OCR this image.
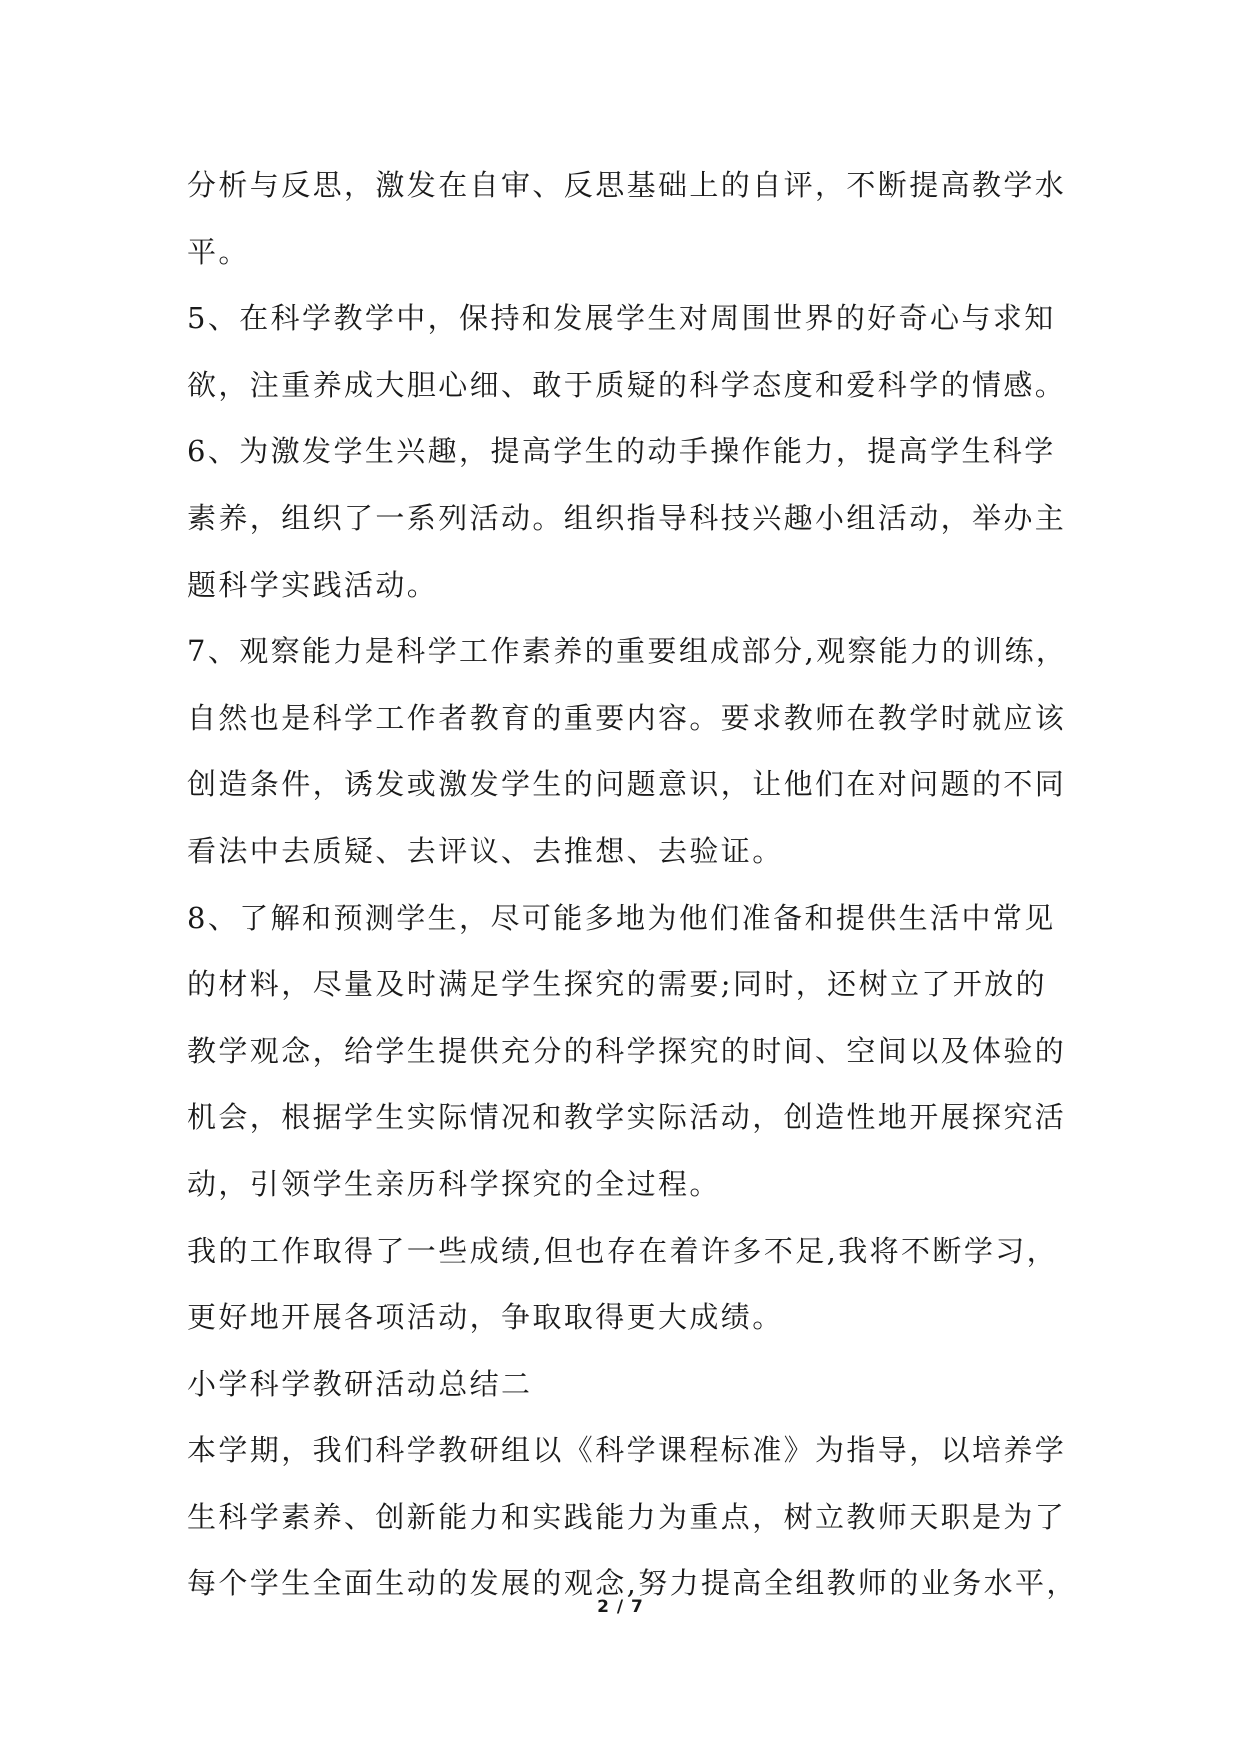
分析与反思，激发在自审、反思基础上的自评，不断提高教学水
平。
5、在科学教学中，保持和发展学生对周围世界的好奇心与求知
欲，注重养成大胆心细、敢于质疑的科学态度和爱科学的情感。
6、为激发学生兴趣，提高学生的动手操作能力，提高学生科学
素养，组织了一系列活动。组织指导科技兴趣小组活动，举办主
题科学实践活动。
7、观察能力是科学工作素养的重要组成部分,观察能力的训练，
自然也是科学工作者教育的重要内容。要求教师在教学时就应该
创造条件，诱发或激发学生的问题意识，让他们在对问题的不同
看法中去质疑、去评议、去推想、去验证。
8、了解和预测学生，尽可能多地为他们准备和提供生活中常见
的材料，尽量及时满足学生探究的需要;同时，还树立了开放的
教学观念，给学生提供充分的科学探究的时间、空间以及体验的
机会，根据学生实际情况和教学实际活动，创造性地开展探究活
动，引领学生亲历科学探究的全过程。
我的工作取得了一些成绩,但也存在着许多不足,我将不断学习，
更好地开展各项活动，争取取得更大成绩。
小学科学教研活动总结二
本学期，我们科学教研组以《科学课程标准》为指导，以培养学
生科学素养、创新能力和实践能力为重点，树立教师天职是为了
每个学生全面生动的发展的观念,努力提高全组教师的业务水平，
2 / 7
